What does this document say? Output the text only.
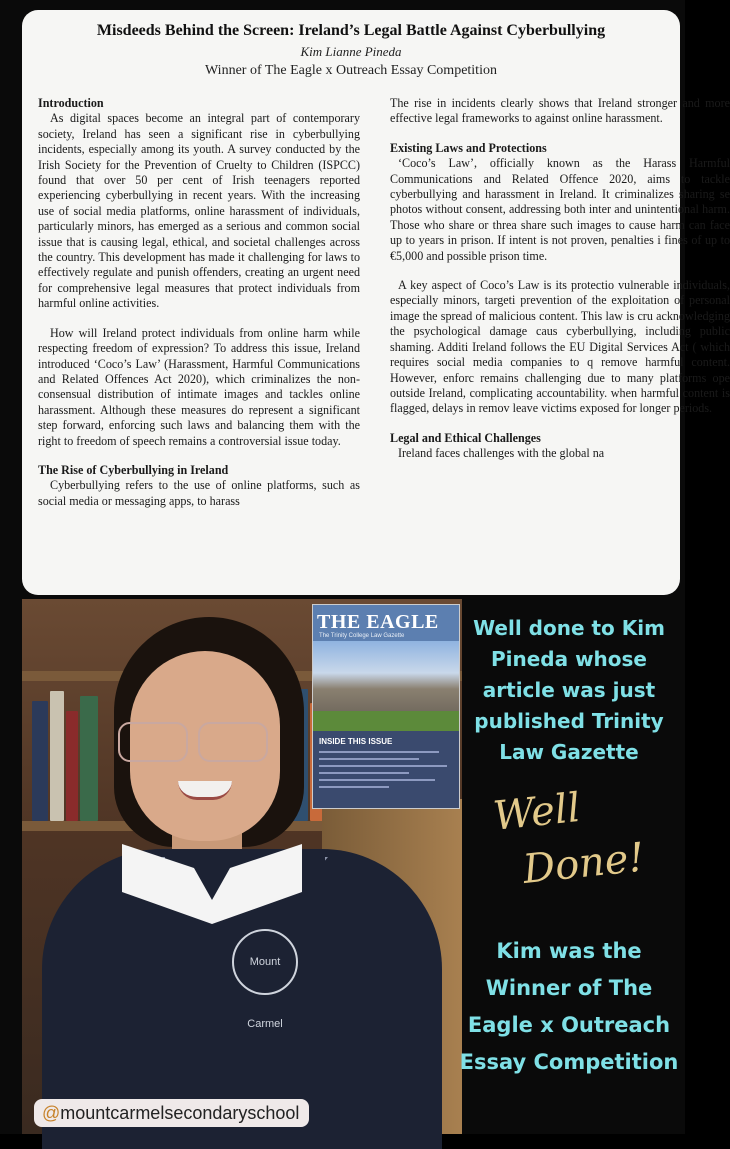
Misdeeds Behind the Screen: Ireland’s Legal Battle Against Cyberbullying
Kim Lianne Pineda
Winner of The Eagle x Outreach Essay Competition
Introduction

As digital spaces become an integral part of contemporary society, Ireland has seen a significant rise in cyberbullying incidents, especially among its youth. A survey conducted by the Irish Society for the Prevention of Cruelty to Children (ISPCC) found that over 50 per cent of Irish teenagers reported experiencing cyberbullying in recent years. With the increasing use of social media platforms, online harassment of individuals, particularly minors, has emerged as a serious and common social issue that is causing legal, ethical, and societal challenges across the country. This development has made it challenging for laws to effectively regulate and punish offenders, creating an urgent need for comprehensive legal measures that protect individuals from harmful online activities.

How will Ireland protect individuals from online harm while respecting freedom of expression? To address this issue, Ireland introduced ‘Coco’s Law’ (Harassment, Harmful Communications and Related Offences Act 2020), which criminalizes the non-consensual distribution of intimate images and tackles online harassment. Although these measures do represent a significant step forward, enforcing such laws and balancing them with the right to freedom of speech remains a controversial issue today.

The Rise of Cyberbullying in Ireland

Cyberbullying refers to the use of online platforms, such as social media or messaging apps, to harass

The rise in incidents clearly shows that Ireland stronger and more effective legal frameworks to against online harassment.

Existing Laws and Protections

‘Coco’s Law’, officially known as the Harass Harmful Communications and Related Offence 2020, aims to tackle cyberbullying and harassment in Ireland. It criminalizes sharing se photos without consent, addressing both inter and unintentional harm. Those who share or threa share such images to cause harm can face up to years in prison. If intent is not proven, penalties i fines of up to €5,000 and possible prison time.

A key aspect of Coco’s Law is its protectio vulnerable individuals, especially minors, targeti prevention of the exploitation of personal image the spread of malicious content. This law is cru acknowledging the psychological damage caus cyberbullying, including public shaming. Additi Ireland follows the EU Digital Services Act ( which requires social media companies to q remove harmful content. However, enforc remains challenging due to many platforms ope outside Ireland, complicating accountability. when harmful content is flagged, delays in remov leave victims exposed for longer periods.

Legal and Ethical Challenges

Ireland faces challenges with the global na

Mount Carmel
@mountcarmelsecondaryschool
THE EAGLE
The Trinity College Law Gazette
INSIDE THIS ISSUE
Well done to Kim Pineda whose article was just published Trinity Law Gazette
Well
Done!
Kim was the Winner of The Eagle x Outreach Essay Competition
